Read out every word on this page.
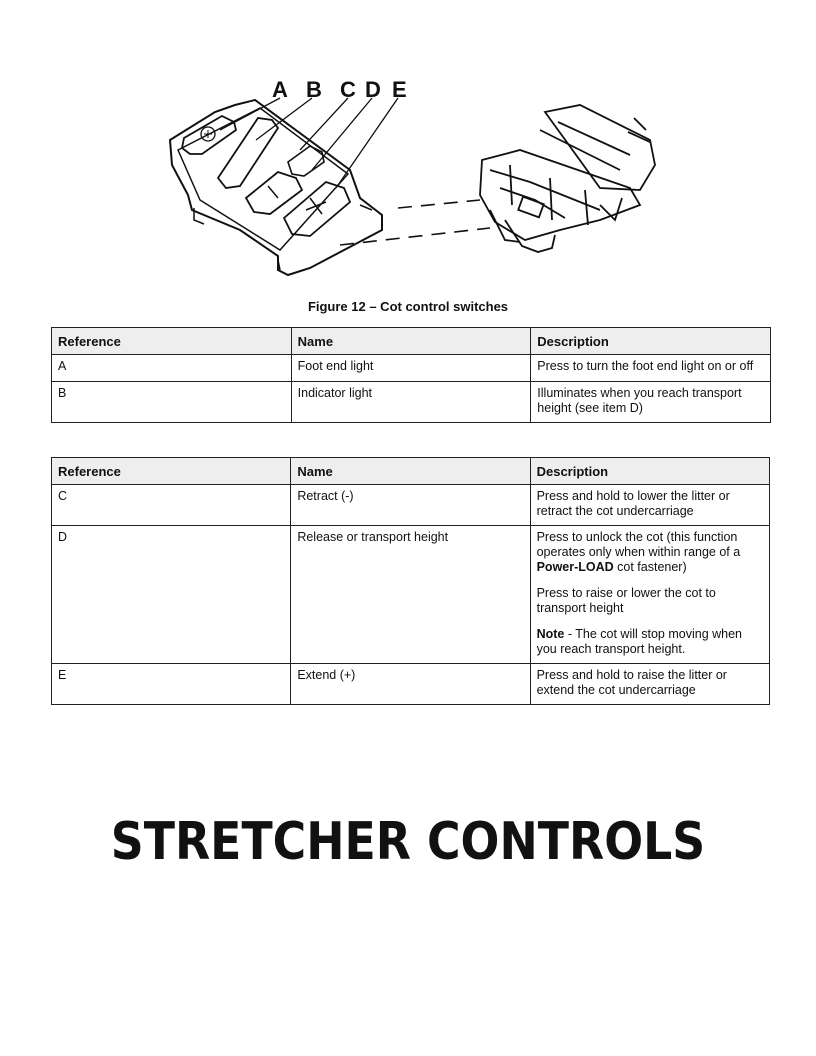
A B C D E
Figure 12 – Cot control switches
Reference	Name	Description
A	Foot end light	Press to turn the foot end light on or off
B	Indicator light	Illuminates when you reach transport height (see item D)
Reference	Name	Description
C	Retract (-)	Press and hold to lower the litter or retract the cot undercarriage
D	Release or transport height	Press to unlock the cot (this function operates only when within range of a Power-LOAD cot fastener)

Press to raise or lower the cot to transport height

Note - The cot will stop moving when you reach transport height.

E	Extend (+)	Press and hold to raise the litter or extend the cot undercarriage
STRETCHER CONTROLS
